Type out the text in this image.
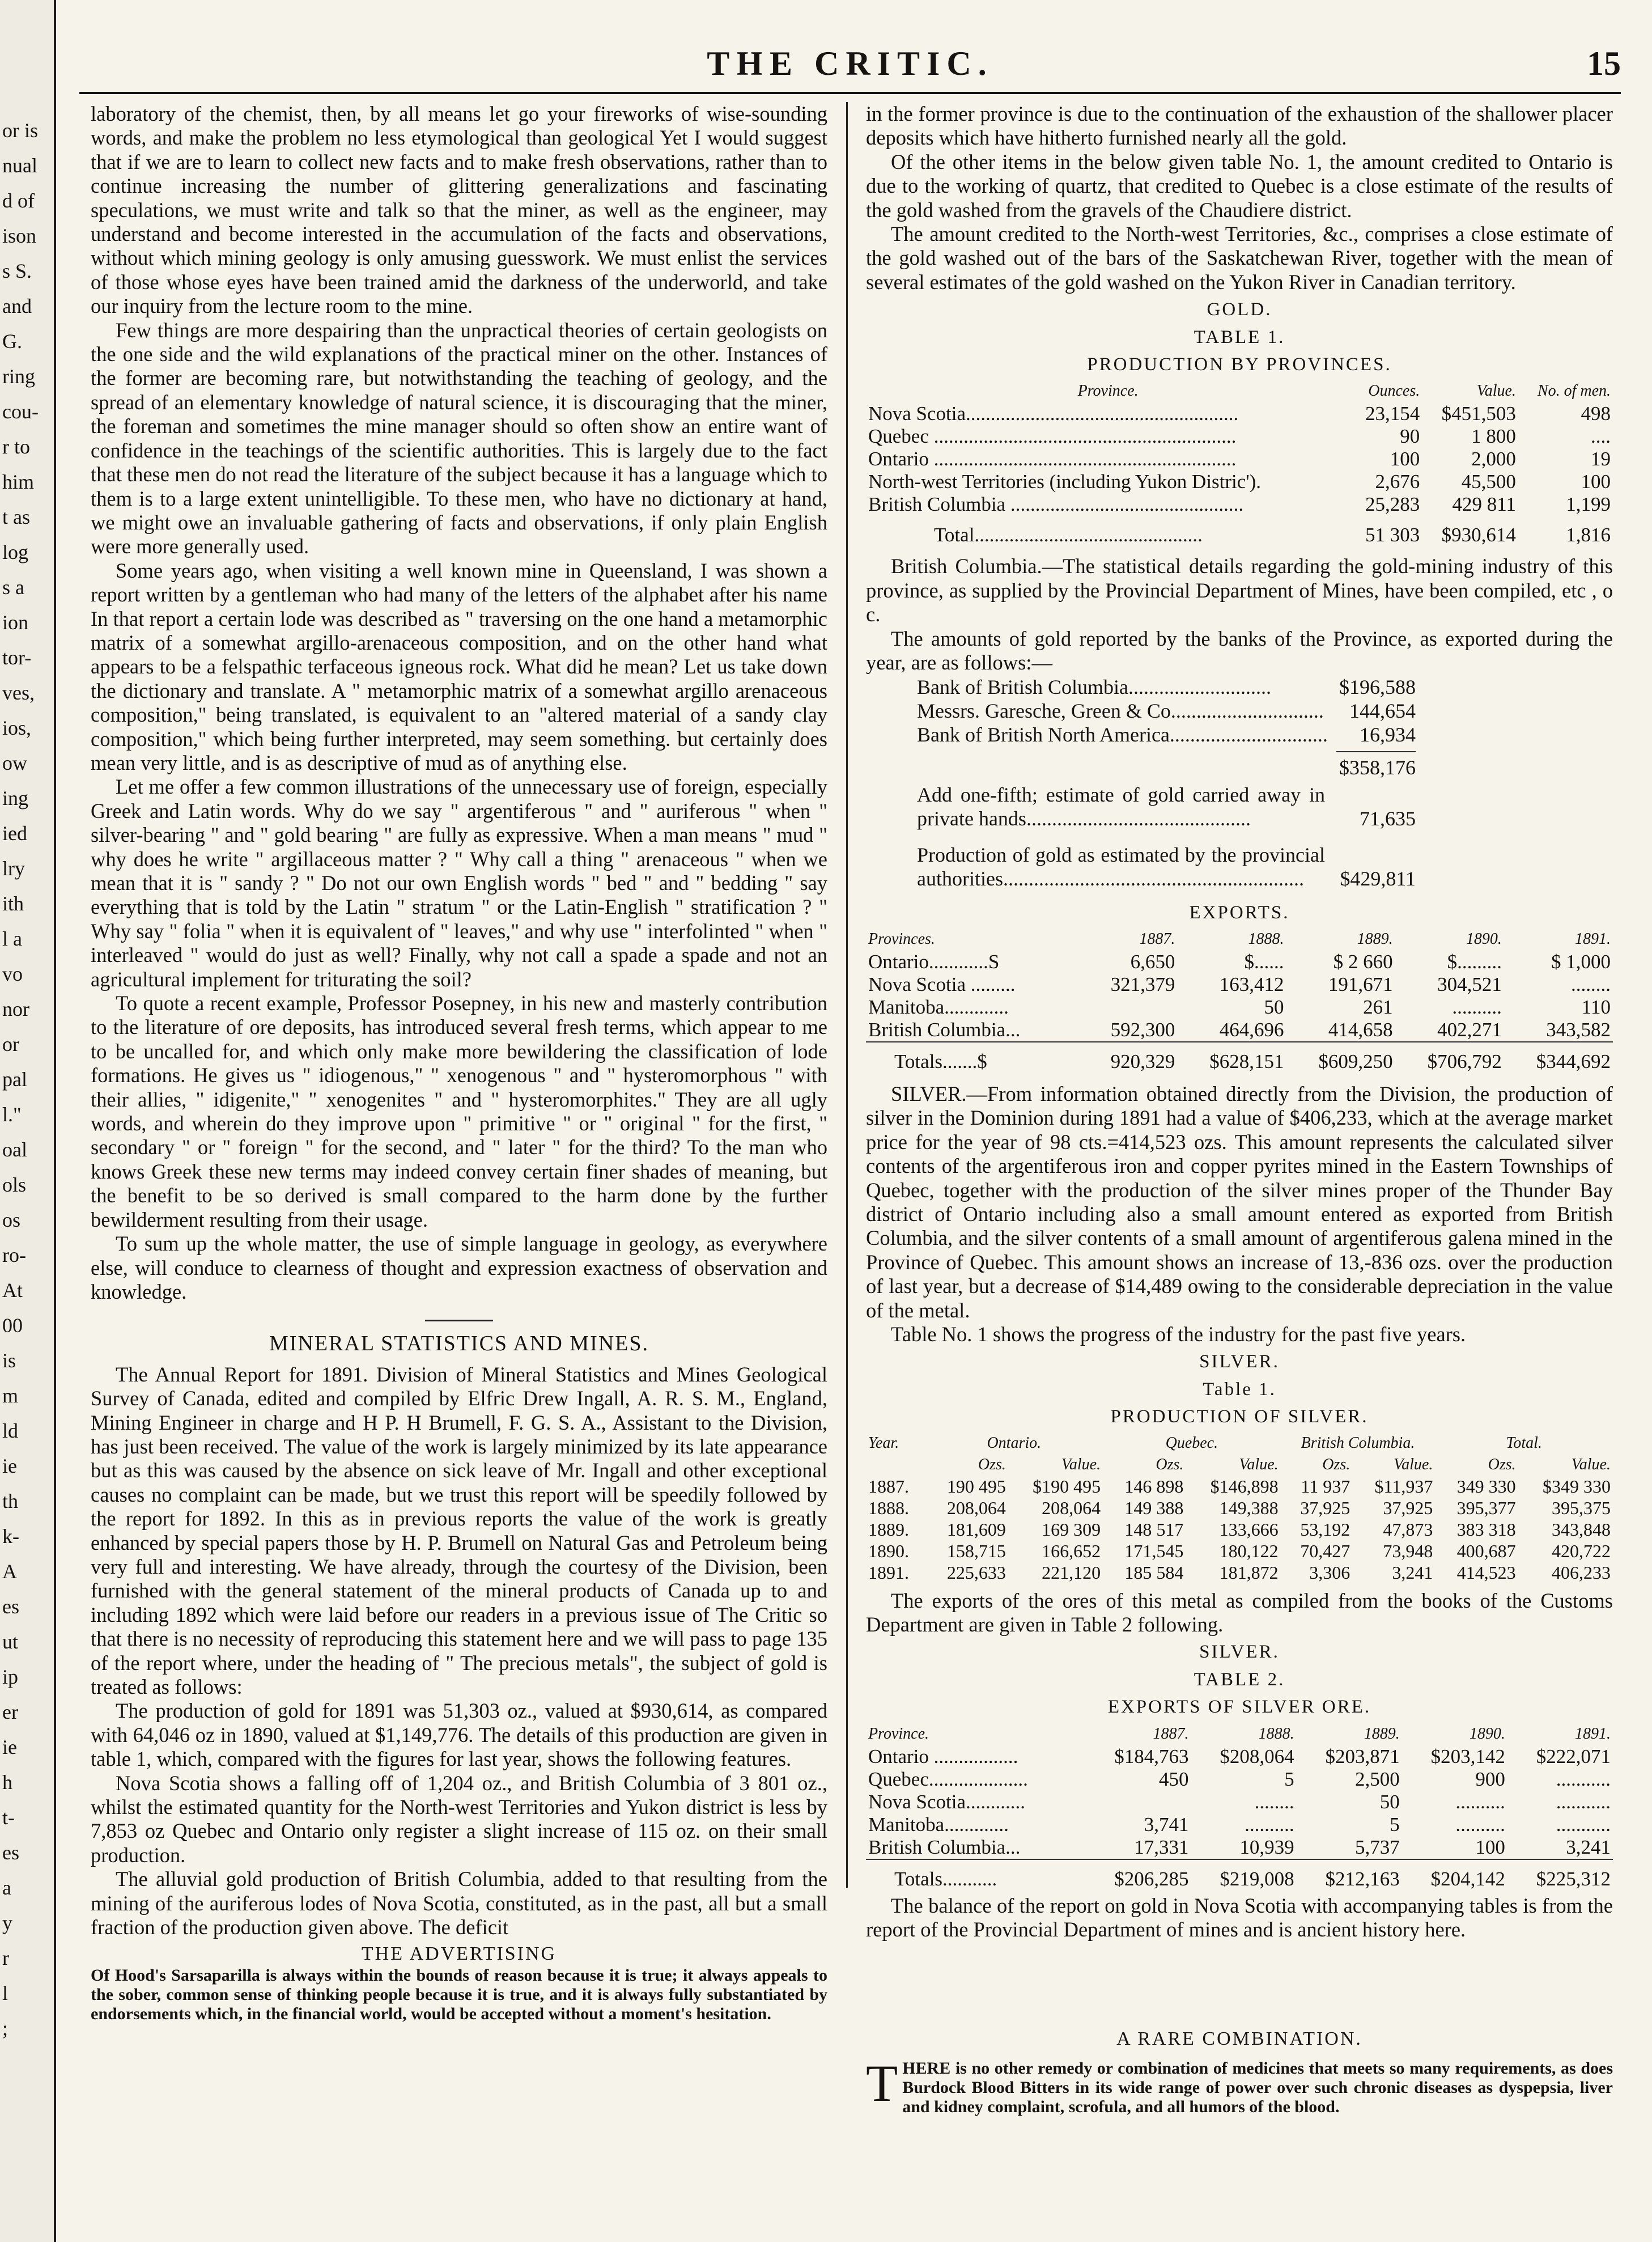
or is
nual
d of
ison
s S.
and
G.
ring
cou-
r to
him
t as
log
s a
ion
tor-
ves,
ios,
ow
ing
ied
lry
ith
l a
vo
nor
or
pal
l."
oal
ols
os
ro-
At
00
is
m
ld
ie
th
k-
A
es
ut
ip
er
ie
h
t-
es
a
y
r
l
;
THE CRITIC.	15

laboratory of the chemist, then, by all means let go your fireworks of wise-sounding words, and make the problem no less etymological than geological Yet I would suggest that if we are to learn to collect new facts and to make fresh observations, rather than to continue increasing the number of glittering generalizations and fascinating speculations, we must write and talk so that the miner, as well as the engineer, may understand and become interested in the accumulation of the facts and observations, without which mining geology is only amusing guesswork. We must enlist the services of those whose eyes have been trained amid the darkness of the underworld, and take our inquiry from the lecture room to the mine.

Few things are more despairing than the unpractical theories of certain geologists on the one side and the wild explanations of the practical miner on the other. Instances of the former are becoming rare, but notwithstanding the teaching of geology, and the spread of an elementary knowledge of natural science, it is discouraging that the miner, the foreman and sometimes the mine manager should so often show an entire want of confidence in the teachings of the scientific authorities. This is largely due to the fact that these men do not read the literature of the subject because it has a language which to them is to a large extent unintelligible. To these men, who have no dictionary at hand, we might owe an invaluable gathering of facts and observations, if only plain English were more generally used.

Some years ago, when visiting a well known mine in Queensland, I was shown a report written by a gentleman who had many of the letters of the alphabet after his name In that report a certain lode was described as " traversing on the one hand a metamorphic matrix of a somewhat argillo-arenaceous composition, and on the other hand what appears to be a felspathic terfaceous igneous rock. What did he mean? Let us take down the dictionary and translate. A " metamorphic matrix of a somewhat argillo arenaceous composition," being translated, is equivalent to an "altered material of a sandy clay composition," which being further interpreted, may seem something. but certainly does mean very little, and is as descriptive of mud as of anything else.

Let me offer a few common illustrations of the unnecessary use of foreign, especially Greek and Latin words. Why do we say " argentiferous " and " auriferous " when " silver-bearing " and " gold bearing " are fully as expressive. When a man means " mud " why does he write " argillaceous matter ? " Why call a thing " arenaceous " when we mean that it is " sandy ? " Do not our own English words " bed " and " bedding " say everything that is told by the Latin " stratum " or the Latin-English " stratification ? " Why say " folia " when it is equivalent of " leaves," and why use " interfolinted " when " interleaved " would do just as well? Finally, why not call a spade a spade and not an agricultural implement for triturating the soil?

To quote a recent example, Professor Posepney, in his new and masterly contribution to the literature of ore deposits, has introduced several fresh terms, which appear to me to be uncalled for, and which only make more bewildering the classification of lode formations. He gives us " idiogenous," " xenogenous " and " hysteromorphous " with their allies, " idigenite," " xenogenites " and " hysteromorphites." They are all ugly words, and wherein do they improve upon " primitive " or " original " for the first, " secondary " or " foreign " for the second, and " later " for the third? To the man who knows Greek these new terms may indeed convey certain finer shades of meaning, but the benefit to be so derived is small compared to the harm done by the further bewilderment resulting from their usage.

To sum up the whole matter, the use of simple language in geology, as everywhere else, will conduce to clearness of thought and expression exactness of observation and knowledge.

MINERAL STATISTICS AND MINES.

The Annual Report for 1891. Division of Mineral Statistics and Mines Geological Survey of Canada, edited and compiled by Elfric Drew Ingall, A. R. S. M., England, Mining Engineer in charge and H P. H Brumell, F. G. S. A., Assistant to the Division, has just been received. The value of the work is largely minimized by its late appearance but as this was caused by the absence on sick leave of Mr. Ingall and other exceptional causes no complaint can be made, but we trust this report will be speedily followed by the report for 1892. In this as in previous reports the value of the work is greatly enhanced by special papers those by H. P. Brumell on Natural Gas and Petroleum being very full and interesting. We have already, through the courtesy of the Division, been furnished with the general statement of the mineral products of Canada up to and including 1892 which were laid before our readers in a previous issue of The Critic so that there is no necessity of reproducing this statement here and we will pass to page 135 of the report where, under the heading of " The precious metals", the subject of gold is treated as follows:

The production of gold for 1891 was 51,303 oz., valued at $930,614, as compared with 64,046 oz in 1890, valued at $1,149,776. The details of this production are given in table 1, which, compared with the figures for last year, shows the following features.

Nova Scotia shows a falling off of 1,204 oz., and British Columbia of 3 801 oz., whilst the estimated quantity for the North-west Territories and Yukon district is less by 7,853 oz Quebec and Ontario only register a slight increase of 115 oz. on their small production.

The alluvial gold production of British Columbia, added to that resulting from the mining of the auriferous lodes of Nova Scotia, constituted, as in the past, all but a small fraction of the production given above. The deficit

in the former province is due to the continuation of the exhaustion of the shallower placer deposits which have hitherto furnished nearly all the gold.

Of the other items in the below given table No. 1, the amount credited to Ontario is due to the working of quartz, that credited to Quebec is a close estimate of the results of the gold washed from the gravels of the Chaudiere district.

The amount credited to the North-west Territories, &c., comprises a close estimate of the gold washed out of the bars of the Saskatchewan River, together with the mean of several estimates of the gold washed on the Yukon River in Canadian territory.

GOLD.
TABLE 1.
PRODUCTION BY PROVINCES.
Province.	Ounces.	Value.	No. of men.
Nova Scotia.......................................................	23,154	$451,503	498
Quebec .............................................................	90	1 800	....
Ontario .............................................................	100	2,000	19
North-west Territories (including Yukon Distric').	2,676	45,500	100
British Columbia ...............................................	25,283	429 811	1,199
Total..............................................	51 303	$930,614	1,816

British Columbia.—The statistical details regarding the gold-mining industry of this province, as supplied by the Provincial Department of Mines, have been compiled, etc , o c.

The amounts of gold reported by the banks of the Province, as exported during the year, are as follows:—

Bank of British Columbia............................	$196,588
Messrs. Garesche, Green & Co.............................. 144,654
Bank of British North America............................... 16,934
$358,176
Add one-fifth; estimate of gold carried away in private hands............................................	71,635
Production of gold as estimated by the provincial authorities...........................................................	$429,811
EXPORTS.
Provinces.	1887.	1888.	1889.	1890.	1891.
Ontario............S	6,650	$......	$ 2 660	$.........	$ 1,000
Nova Scotia .........	321,379	163,412	191,671	304,521	........
Manitoba.............		50	261	..........	110
British Columbia...	592,300	464,696	414,658	402,271	343,582
Totals.......$	920,329	$628,151	$609,250	$706,792	$344,692

SILVER.—From information obtained directly from the Division, the production of silver in the Dominion during 1891 had a value of $406,233, which at the average market price for the year of 98 cts.=414,523 ozs. This amount represents the calculated silver contents of the argentiferous iron and copper pyrites mined in the Eastern Townships of Quebec, together with the production of the silver mines proper of the Thunder Bay district of Ontario including also a small amount entered as exported from British Columbia, and the silver contents of a small amount of argentiferous galena mined in the Province of Quebec. This amount shows an increase of 13,-836 ozs. over the production of last year, but a decrease of $14,489 owing to the considerable depreciation in the value of the metal.

Table No. 1 shows the progress of the industry for the past five years.

SILVER.
Table 1.
PRODUCTION OF SILVER.
Year.	Ontario.		Quebec.		British Columbia.		Total.	
	Ozs.	Value.	Ozs.	Value.	Ozs.	Value.	Ozs.	Value.
1887.	190 495	$190 495	146 898	$146,898	11 937	$11,937	349 330	$349 330
1888.	208,064	208,064	149 388	149,388	37,925	37,925	395,377	395,375
1889.	181,609	169 309	148 517	133,666	53,192	47,873	383 318	343,848
1890.	158,715	166,652	171,545	180,122	70,427	73,948	400,687	420,722
1891.	225,633	221,120	185 584	181,872	3,306	3,241	414,523	406,233

The exports of the ores of this metal as compiled from the books of the Customs Department are given in Table 2 following.

SILVER.
TABLE 2.
EXPORTS OF SILVER ORE.
Province.	1887.	1888.	1889.	1890.	1891.
Ontario .................	$184,763	$208,064	$203,871	$203,142	$222,071
Quebec....................	450	5	2,500	900	...........
Nova Scotia............		........	50	..........	...........
Manitoba.............	3,741	..........	5	..........	...........
British Columbia...	17,331	10,939	5,737	100	3,241
Totals...........	$206,285	$219,008	$212,163	$204,142	$225,312

The balance of the report on gold in Nova Scotia with accompanying tables is from the report of the Provincial Department of mines and is ancient history here.

THE ADVERTISING
Of Hood's Sarsaparilla is always within the bounds of reason because it is true; it always appeals to the sober, common sense of thinking people because it is true, and it is always fully substantiated by endorsements which, in the financial world, would be accepted without a moment's hesitation.
A RARE COMBINATION.
T HERE is no other remedy or combination of medicines that meets so many requirements, as does Burdock Blood Bitters in its wide range of power over such chronic diseases as dyspepsia, liver and kidney complaint, scrofula, and all humors of the blood.
